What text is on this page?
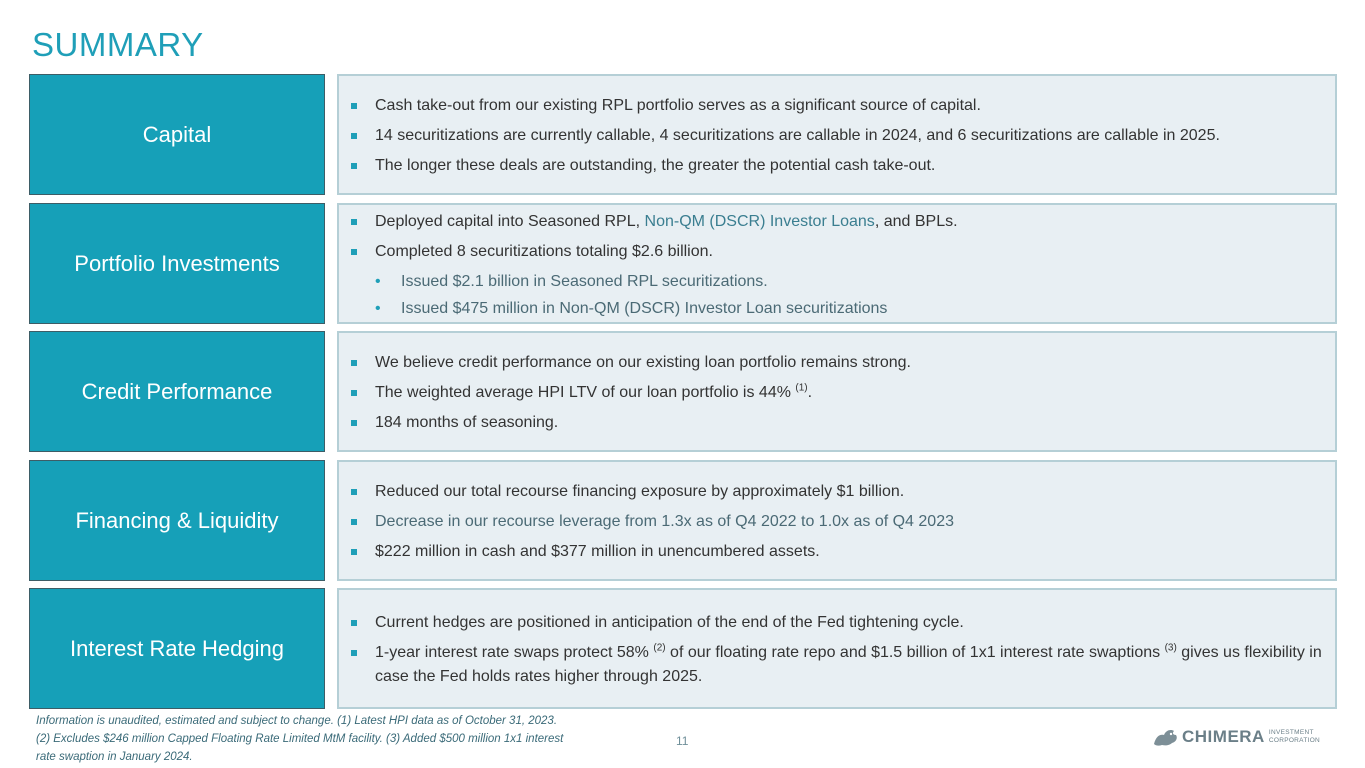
SUMMARY
Capital
Cash take-out from our existing RPL portfolio serves as a significant source of capital.
14 securitizations are currently callable, 4 securitizations are callable in 2024, and 6 securitizations are callable in 2025.
The longer these deals are outstanding, the greater the potential cash take-out.
Portfolio Investments
Deployed capital into Seasoned RPL, Non-QM (DSCR) Investor Loans, and BPLs.
Completed 8 securitizations totaling $2.6 billion.
• Issued $2.1 billion in Seasoned RPL securitizations.
• Issued $475 million in Non-QM (DSCR) Investor Loan securitizations
Credit Performance
We believe credit performance on our existing loan portfolio remains strong.
The weighted average HPI LTV of our loan portfolio is 44% $^{(1)}$.
184 months of seasoning.
Financing & Liquidity
Reduced our total recourse financing exposure by approximately $1 billion.
Decrease in our recourse leverage from 1.3x as of Q4 2022 to 1.0x as of Q4 2023
$222 million in cash and $377 million in unencumbered assets.
Interest Rate Hedging
Current hedges are positioned in anticipation of the end of the Fed tightening cycle.
1-year interest rate swaps protect 58% $^{(2)}$ of our floating rate repo and $1.5 billion of 1x1 interest rate swaptions $^{(3)}$ gives us flexibility in case the Fed holds rates higher through 2025.
Information is unaudited, estimated and subject to change. (1) Latest HPI data as of October 31, 2023.
(2) Excludes $246 million Capped Floating Rate Limited MtM facility. (3) Added $500 million 1x1 interest
rate swaption in January 2024.
11	CHIMERA INVESTMENT
CORPORATION
